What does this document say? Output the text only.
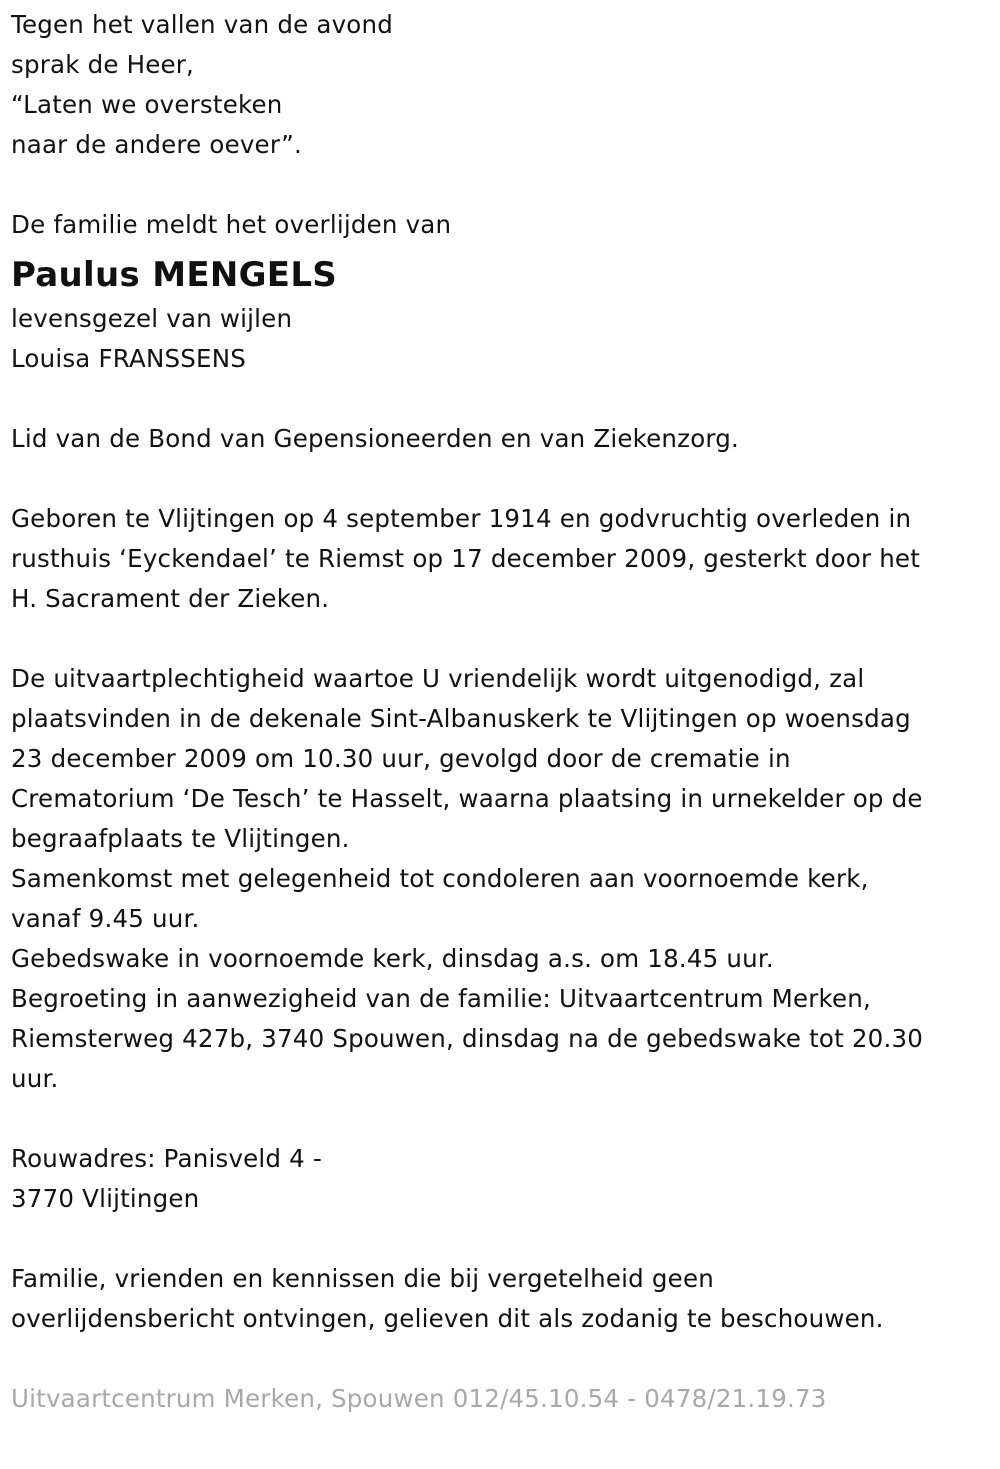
Tegen het vallen van de avond
sprak de Heer,
“Laten we oversteken
naar de andere oever”.
De familie meldt het overlijden van
Paulus MENGELS
levensgezel van wijlen
Louisa FRANSSENS
Lid van de Bond van Gepensioneerden en van Ziekenzorg.
Geboren te Vlijtingen op 4 september 1914 en godvruchtig overleden in
rusthuis ‘Eyckendael’ te Riemst op 17 december 2009, gesterkt door het
H. Sacrament der Zieken.
De uitvaartplechtigheid waartoe U vriendelijk wordt uitgenodigd, zal
plaatsvinden in de dekenale Sint-Albanuskerk te Vlijtingen op woensdag
23 december 2009 om 10.30 uur, gevolgd door de crematie in
Crematorium ‘De Tesch’ te Hasselt, waarna plaatsing in urnekelder op de
begraafplaats te Vlijtingen.
Samenkomst met gelegenheid tot condoleren aan voornoemde kerk,
vanaf 9.45 uur.
Gebedswake in voornoemde kerk, dinsdag a.s. om 18.45 uur.
Begroeting in aanwezigheid van de familie: Uitvaartcentrum Merken,
Riemsterweg 427b, 3740 Spouwen, dinsdag na de gebedswake tot 20.30
uur.
Rouwadres: Panisveld 4 -
3770 Vlijtingen
Familie, vrienden en kennissen die bij vergetelheid geen
overlijdensbericht ontvingen, gelieven dit als zodanig te beschouwen.
Uitvaartcentrum Merken, Spouwen 012/45.10.54 - 0478/21.19.73
